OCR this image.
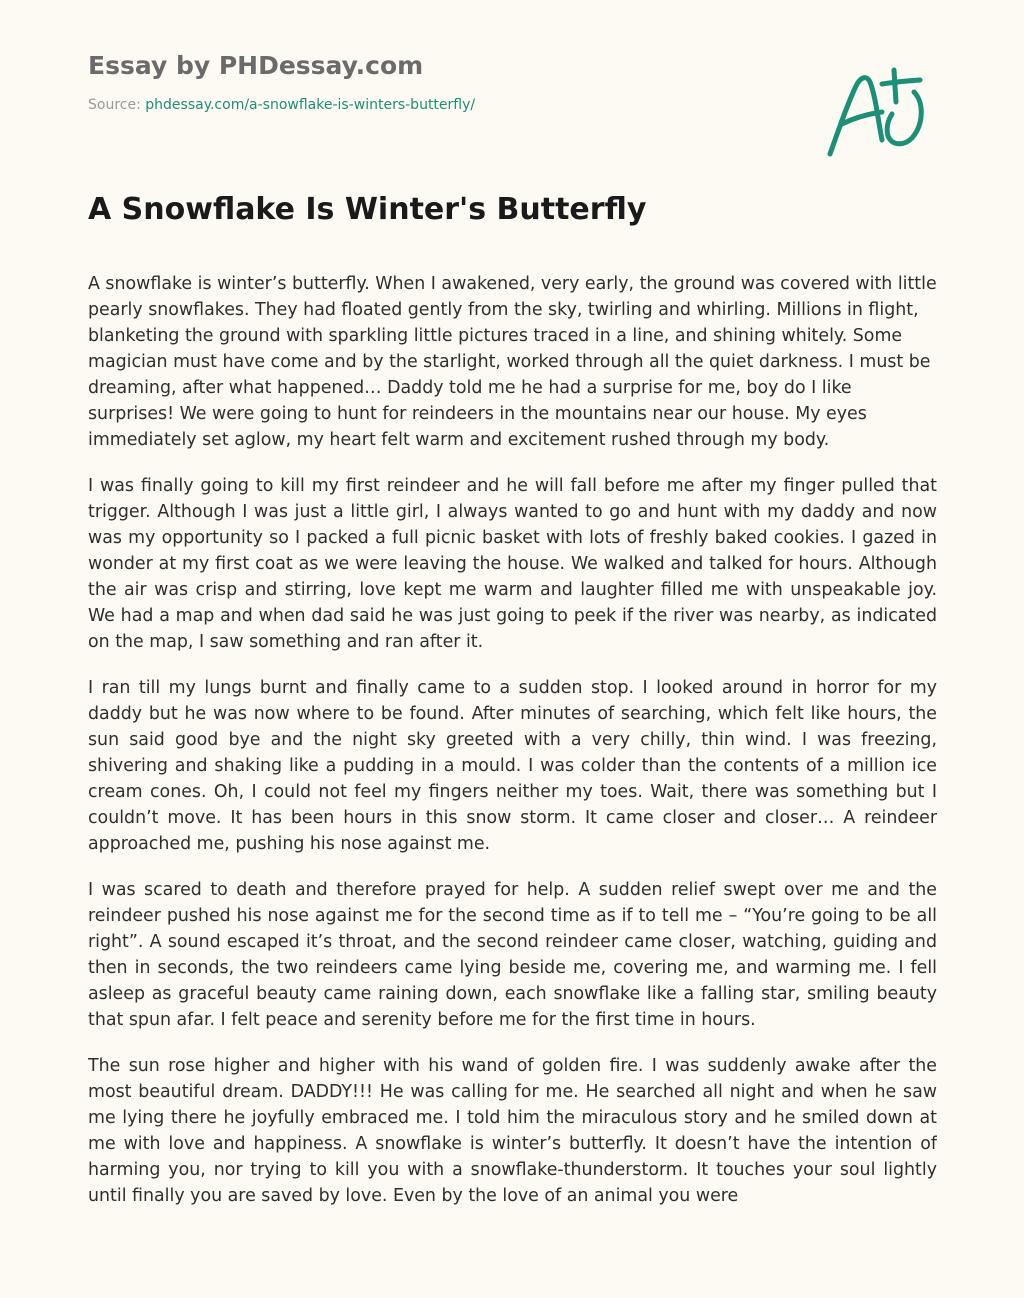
Essay by PHDessay.com
Source: phdessay.com/a-snowflake-is-winters-butterfly/
A Snowflake Is Winter's Butterfly

A snowflake is winter’s butterfly. When I awakened, very early, the ground was covered with little pearly snowflakes. They had floated gently from the sky, twirling and whirling. Millions in flight, blanketing the ground with sparkling little pictures traced in a line, and shining whitely. Some magician must have come and by the starlight, worked through all the quiet darkness. I must be dreaming, after what happened… Daddy told me he had a surprise for me, boy do I like surprises! We were going to hunt for reindeers in the mountains near our house. My eyes immediately set aglow, my heart felt warm and excitement rushed through my body.

I was finally going to kill my first reindeer and he will fall before me after my finger pulled that trigger. Although I was just a little girl, I always wanted to go and hunt with my daddy and now was my opportunity so I packed a full picnic basket with lots of freshly baked cookies. I gazed in wonder at my first coat as we were leaving the house. We walked and talked for hours. Although the air was crisp and stirring, love kept me warm and laughter filled me with unspeakable joy. We had a map and when dad said he was just going to peek if the river was nearby, as indicated on the map, I saw something and ran after it.

I ran till my lungs burnt and finally came to a sudden stop. I looked around in horror for my daddy but he was now where to be found. After minutes of searching, which felt like hours, the sun said good bye and the night sky greeted with a very chilly, thin wind. I was freezing, shivering and shaking like a pudding in a mould. I was colder than the contents of a million ice cream cones. Oh, I could not feel my fingers neither my toes. Wait, there was something but I couldn’t move. It has been hours in this snow storm. It came closer and closer… A reindeer approached me, pushing his nose against me.

I was scared to death and therefore prayed for help. A sudden relief swept over me and the reindeer pushed his nose against me for the second time as if to tell me – “You’re going to be all right”. A sound escaped it’s throat, and the second reindeer came closer, watching, guiding and then in seconds, the two reindeers came lying beside me, covering me, and warming me. I fell asleep as graceful beauty came raining down, each snowflake like a falling star, smiling beauty that spun afar. I felt peace and serenity before me for the first time in hours.

The sun rose higher and higher with his wand of golden fire. I was suddenly awake after the most beautiful dream. DADDY!!! He was calling for me. He searched all night and when he saw me lying there he joyfully embraced me. I told him the miraculous story and he smiled down at me with love and happiness. A snowflake is winter’s butterfly. It doesn’t have the intention of harming you, nor trying to kill you with a snowflake-thunderstorm. It touches your soul lightly until finally you are saved by love. Even by the love of an animal you were
